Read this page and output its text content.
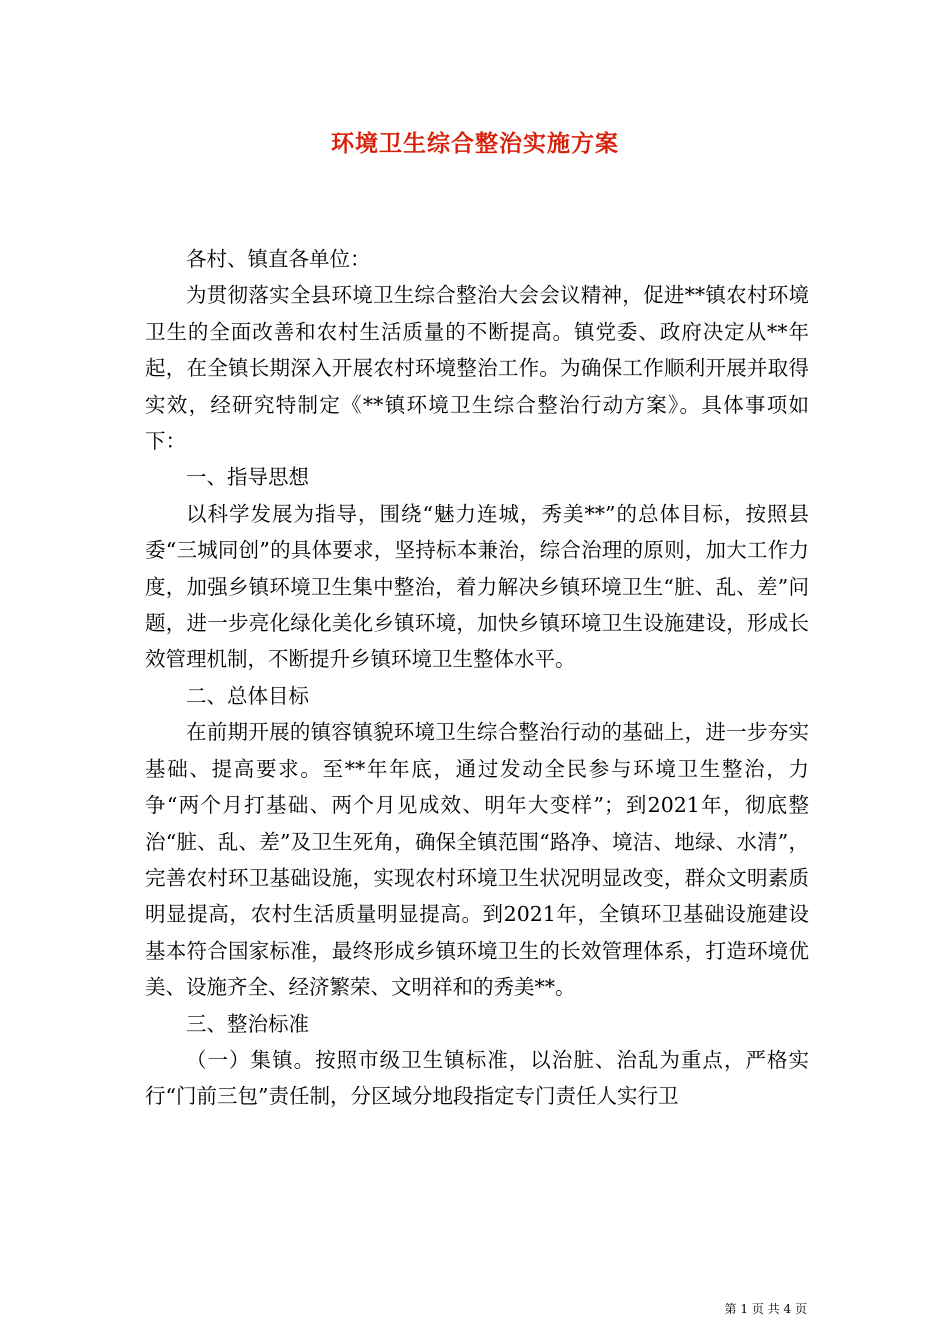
环境卫生综合整治实施方案

各村、镇直各单位：

为贯彻落实全县环境卫生综合整治大会会议精神，促进**镇农村环境卫生的全面改善和农村生活质量的不断提高。镇党委、政府决定从**年起，在全镇长期深入开展农村环境整治工作。为确保工作顺利开展并取得实效，经研究特制定《**镇环境卫生综合整治行动方案》。具体事项如下：

一、指导思想

以科学发展为指导，围绕“魅力连城，秀美**”的总体目标，按照县委“三城同创”的具体要求，坚持标本兼治，综合治理的原则，加大工作力度，加强乡镇环境卫生集中整治，着力解决乡镇环境卫生“脏、乱、差”问题，进一步亮化绿化美化乡镇环境，加快乡镇环境卫生设施建设，形成长效管理机制，不断提升乡镇环境卫生整体水平。

二、总体目标

在前期开展的镇容镇貌环境卫生综合整治行动的基础上，进一步夯实基础、提高要求。至**年年底，通过发动全民参与环境卫生整治，力争“两个月打基础、两个月见成效、明年大变样”；到2021年，彻底整治“脏、乱、差”及卫生死角，确保全镇范围“路净、境洁、地绿、水清”，完善农村环卫基础设施，实现农村环境卫生状况明显改变，群众文明素质明显提高，农村生活质量明显提高。到2021年，全镇环卫基础设施建设基本符合国家标准，最终形成乡镇环境卫生的长效管理体系，打造环境优美、设施齐全、经济繁荣、文明祥和的秀美**。

三、整治标准

（一）集镇。按照市级卫生镇标准，以治脏、治乱为重点，严格实行“门前三包”责任制，分区域分地段指定专门责任人实行卫

第 1 页 共 4 页
